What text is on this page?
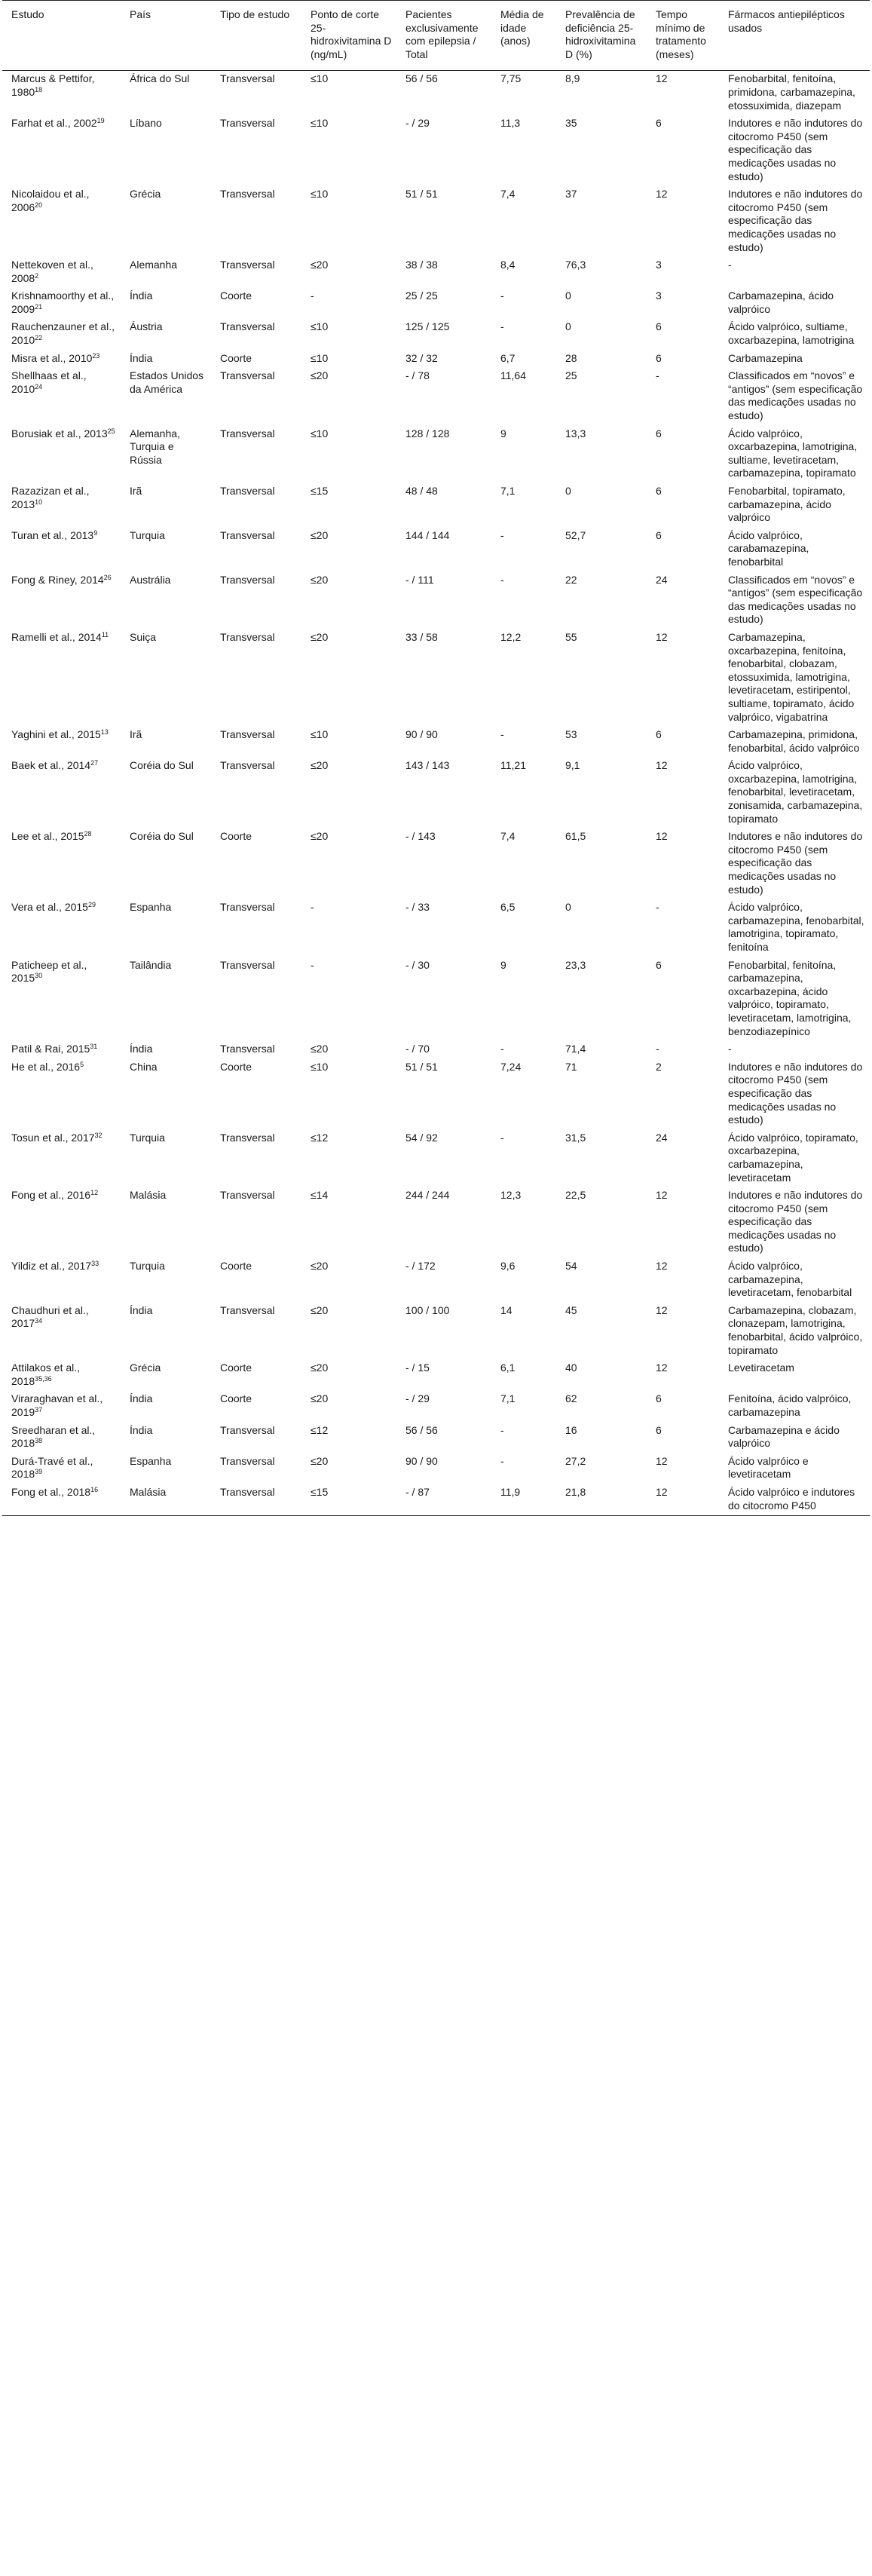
Estudo	País	Tipo de estudo	Ponto de corte 25-hidroxivitamina D (ng/mL)	Pacientes exclusivamente com epilepsia / Total	Média de idade (anos)	Prevalência de deficiência 25-hidroxivitamina D (%)	Tempo mínimo de tratamento (meses)	Fármacos antiepilépticos usados
Marcus & Pettifor, 1980$^{18}$	África do Sul	Transversal	≤10	56 / 56	7,75	8,9	12	Fenobarbital, fenitoína, primidona, carbamazepina, etossuximida, diazepam
Farhat et al., 2002$^{19}$	Líbano	Transversal	≤10	- / 29	11,3	35	6	Indutores e não indutores do citocromo P450 (sem especificação das medicações usadas no estudo)
Nicolaidou et al., 2006$^{20}$	Grécia	Transversal	≤10	51 / 51	7,4	37	12	Indutores e não indutores do citocromo P450 (sem especificação das medicações usadas no estudo)
Nettekoven et al., 2008$^2$	Alemanha	Transversal	≤20	38 / 38	8,4	76,3	3	-
Krishnamoorthy et al., 2009$^{21}$	Índia	Coorte	-	25 / 25	-	0	3	Carbamazepina, ácido valpróico
Rauchenzauner et al., 2010$^{22}$	Áustria	Transversal	≤10	125 / 125	-	0	6	Ácido valpróico, sultiame, oxcarbazepina, lamotrigina
Misra et al., 2010$^{23}$	Índia	Coorte	≤10	32 / 32	6,7	28	6	Carbamazepina
Shellhaas et al., 2010$^{24}$	Estados Unidos da América	Transversal	≤20	- / 78	11,64	25	-	Classificados em “novos” e “antigos” (sem especificação das medicações usadas no estudo)
Borusiak et al., 2013$^{25}$	Alemanha, Turquia e Rússia	Transversal	≤10	128 / 128	9	13,3	6	Ácido valpróico, oxcarbazepina, lamotrigina, sultiame, levetiracetam, carbamazepina, topiramato
Razazizan et al., 2013$^{10}$	Irã	Transversal	≤15	48 / 48	7,1	0	6	Fenobarbital, topiramato, carbamazepina, ácido valpróico
Turan et al., 2013$^9$	Turquia	Transversal	≤20	144 / 144	-	52,7	6	Ácido valpróico, carabamazepina, fenobarbital
Fong & Riney, 2014$^{26}$	Austrália	Transversal	≤20	- / 111	-	22	24	Classificados em “novos” e “antigos” (sem especificação das medicações usadas no estudo)
Ramelli et al., 2014$^{11}$	Suiça	Transversal	≤20	33 / 58	12,2	55	12	Carbamazepina, oxcarbazepina, fenitoína, fenobarbital, clobazam, etossuximida, lamotrigina, levetiracetam, estiripentol, sultiame, topiramato, ácido valpróico, vigabatrina
Yaghini et al., 2015$^{13}$	Irã	Transversal	≤10	90 / 90	-	53	6	Carbamazepina, primidona, fenobarbital, ácido valpróico
Baek et al., 2014$^{27}$	Coréia do Sul	Transversal	≤20	143 / 143	11,21	9,1	12	Ácido valpróico, oxcarbazepina, lamotrigina, fenobarbital, levetiracetam, zonisamida, carbamazepina, topiramato
Lee et al., 2015$^{28}$	Coréia do Sul	Coorte	≤20	- / 143	7,4	61,5	12	Indutores e não indutores do citocromo P450 (sem especificação das medicações usadas no estudo)
Vera et al., 2015$^{29}$	Espanha	Transversal	-	- / 33	6,5	0	-	Ácido valpróico, carbamazepina, fenobarbital, lamotrigina, topiramato, fenitoína
Paticheep et al., 2015$^{30}$	Tailândia	Transversal	-	- / 30	9	23,3	6	Fenobarbital, fenitoína, carbamazepina, oxcarbazepina, ácido valpróico, topiramato, levetiracetam, lamotrigina, benzodiazepínico
Patil & Rai, 2015$^{31}$	Índia	Transversal	≤20	- / 70	-	71,4	-	-
He et al., 2016$^5$	China	Coorte	≤10	51 / 51	7,24	71	2	Indutores e não indutores do citocromo P450 (sem especificação das medicações usadas no estudo)
Tosun et al., 2017$^{32}$	Turquia	Transversal	≤12	54 / 92	-	31,5	24	Ácido valpróico, topiramato, oxcarbazepina, carbamazepina, levetiracetam
Fong et al., 2016$^{12}$	Malásia	Transversal	≤14	244 / 244	12,3	22,5	12	Indutores e não indutores do citocromo P450 (sem especificação das medicações usadas no estudo)
Yildiz et al., 2017$^{33}$	Turquia	Coorte	≤20	- / 172	9,6	54	12	Ácido valpróico, carbamazepina, levetiracetam, fenobarbital
Chaudhuri et al., 2017$^{34}$	Índia	Transversal	≤20	100 / 100	14	45	12	Carbamazepina, clobazam, clonazepam, lamotrigina, fenobarbital, ácido valpróico, topiramato
Attilakos et al., 2018$^{35,36}$	Grécia	Coorte	≤20	- / 15	6,1	40	12	Levetiracetam
Viraraghavan et al., 2019$^{37}$	Índia	Coorte	≤20	- / 29	7,1	62	6	Fenitoína, ácido valpróico, carbamazepina
Sreedharan et al., 2018$^{38}$	Índia	Transversal	≤12	56 / 56	-	16	6	Carbamazepina e ácido valpróico
Durá-Travé et al., 2018$^{39}$	Espanha	Transversal	≤20	90 / 90	-	27,2	12	Ácido valpróico e levetiracetam
Fong et al., 2018$^{16}$	Malásia	Transversal	≤15	- / 87	11,9	21,8	12	Ácido valpróico e indutores do citocromo P450
